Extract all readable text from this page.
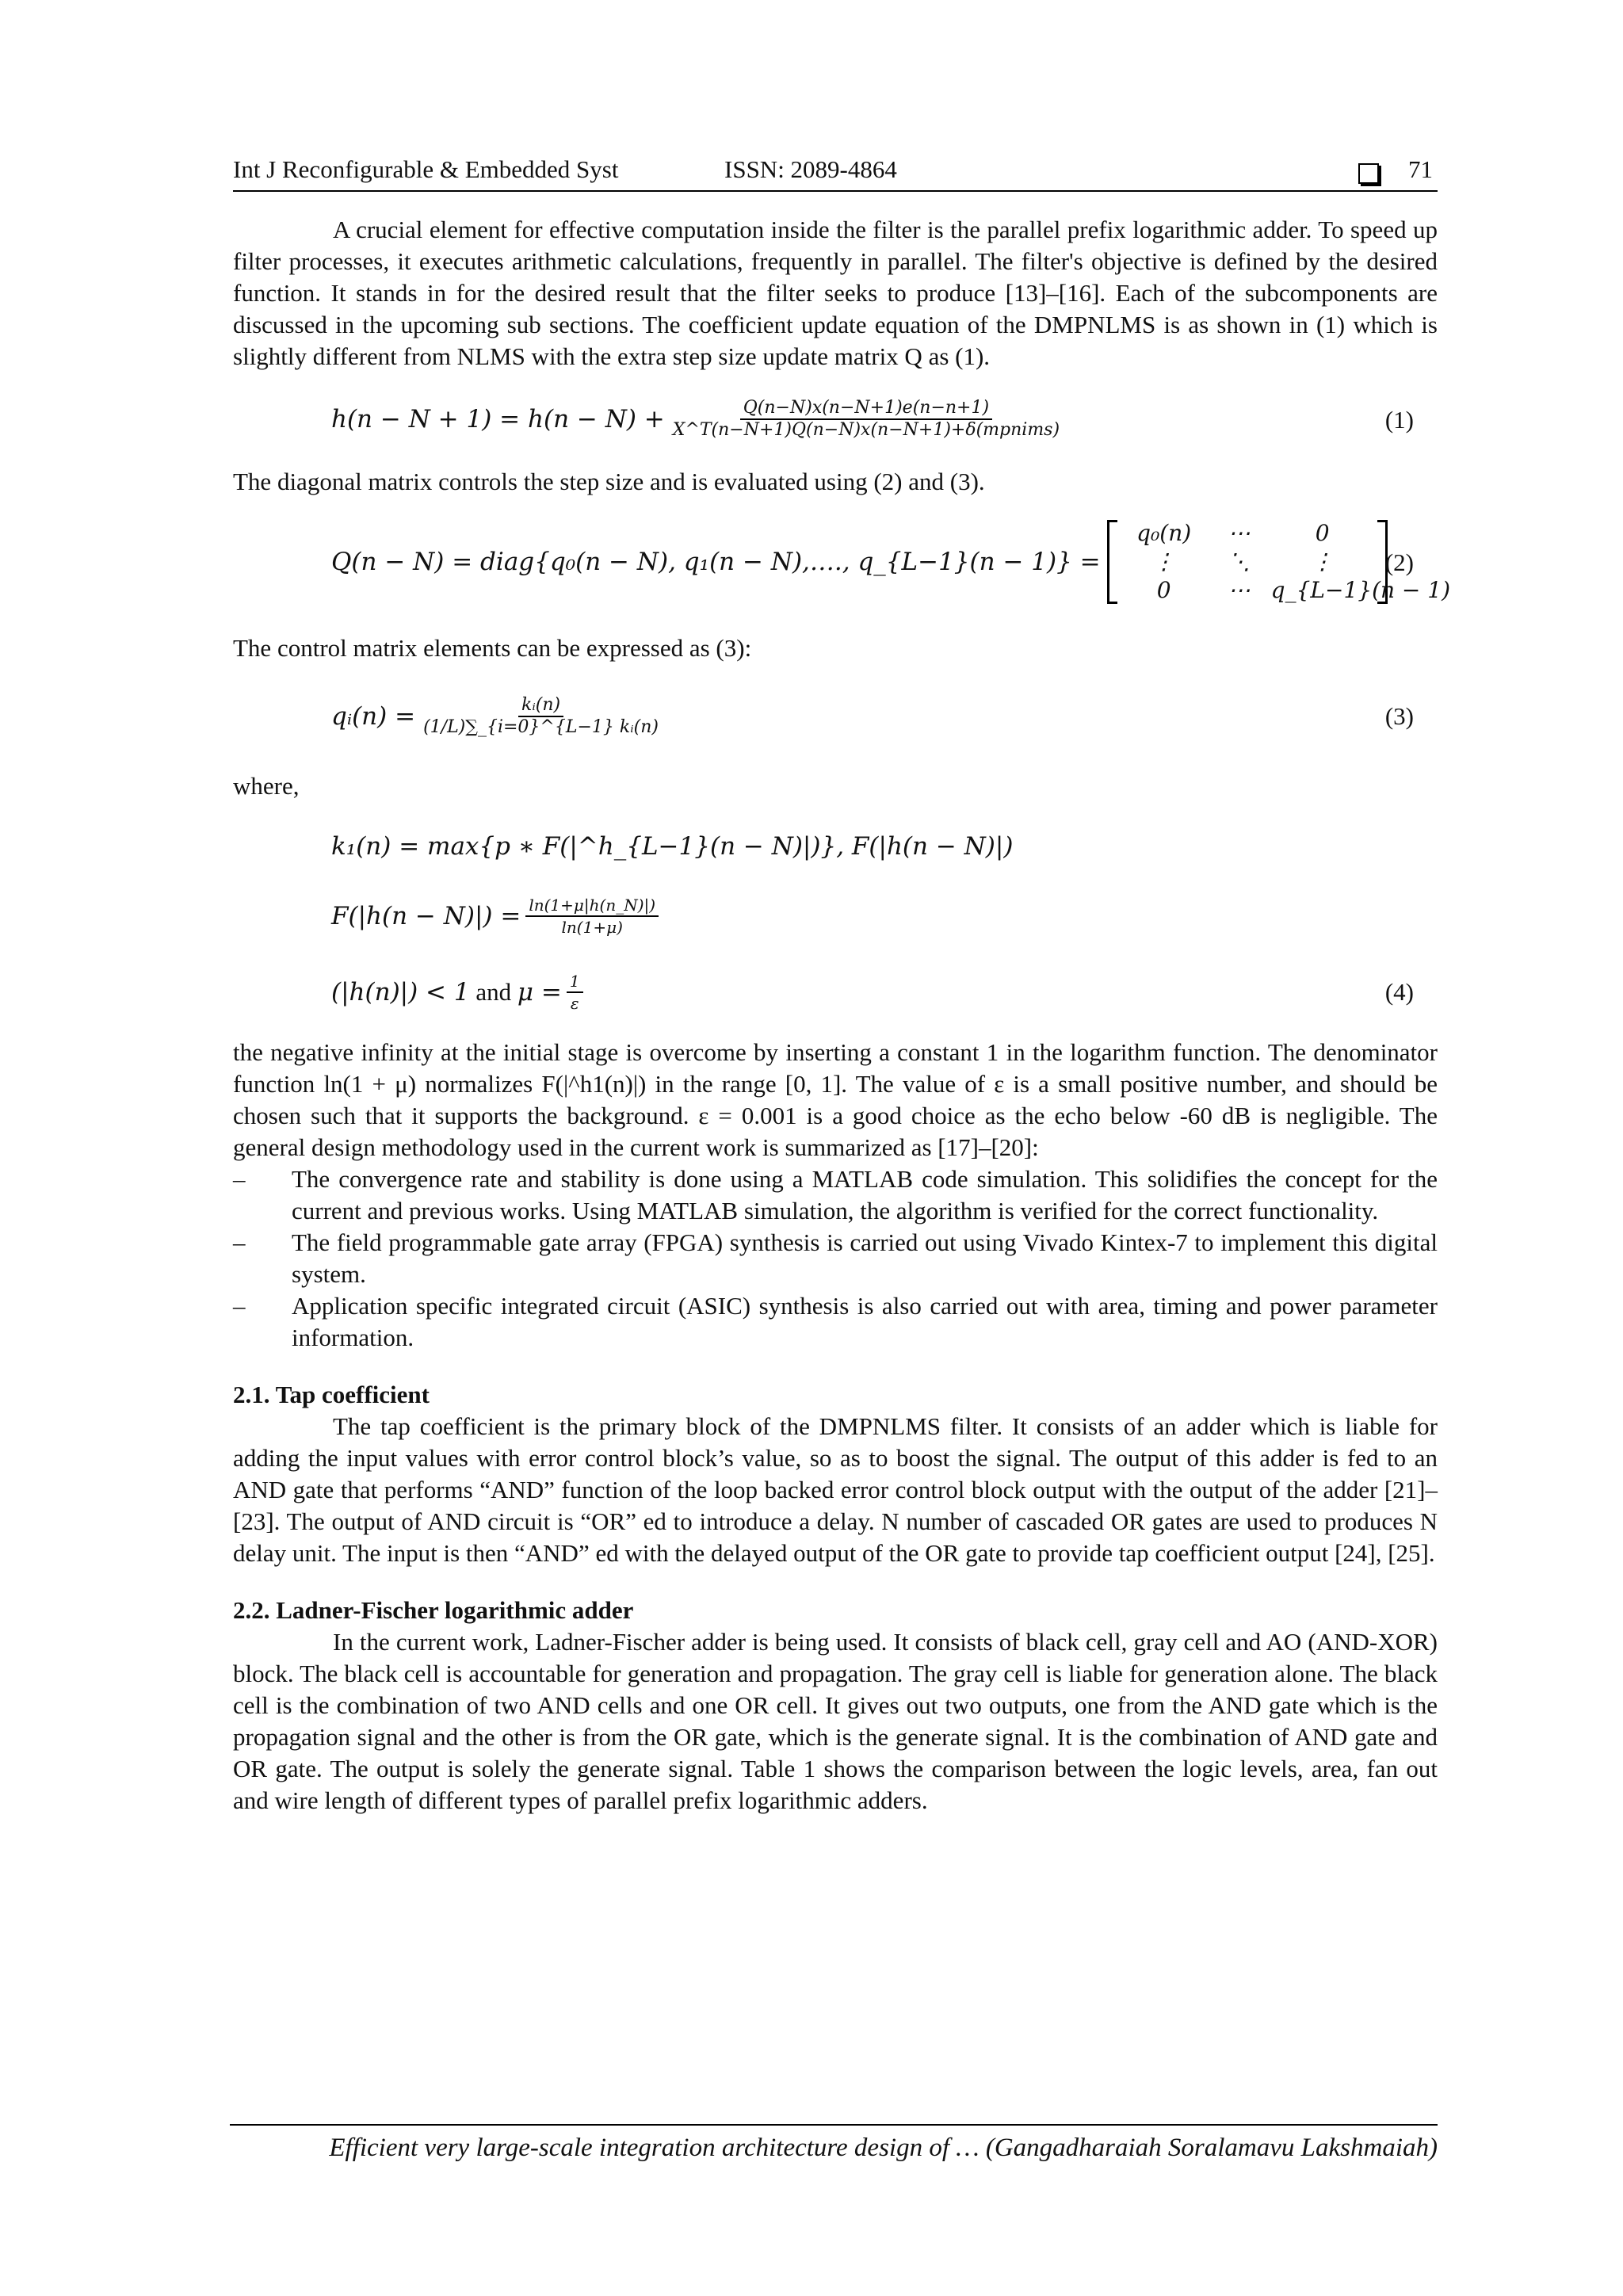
Int J Reconfigurable & Embedded Syst	ISSN: 2089-4864	71

A crucial element for effective computation inside the filter is the parallel prefix logarithmic adder. To speed up filter processes, it executes arithmetic calculations, frequently in parallel. The filter's objective is defined by the desired function. It stands in for the desired result that the filter seeks to produce [13]–[16]. Each of the subcomponents are discussed in the upcoming sub sections. The coefficient update equation of the DMPNLMS is as shown in (1) which is slightly different from NLMS with the extra step size update matrix Q as (1).

$h(n - N + 1) = h(n - N) + \frac{Q(n-N)x(n-N+1)e(n-n+1)}{\text{X\textasciicircum{}T(n−N+1)Q(n−N)x(n−N+1)+δ(mpnims)}}$	(1)

The diagonal matrix controls the step size and is evaluated using (2) and (3).

Q(n − N) = diag{q₀(n − N), q₁(n − N),…., q_{L−1}(n − 1)} =
q₀(n)	⋯	0
⋮	⋱	⋮
0	⋯ q_{L−1}(n − 1)
(2)

The control matrix elements can be expressed as (3):

qᵢ(n) = $\frac{\text{kᵢ(n)}}{\text{(1/L)∑\_\{i=0\}\textasciicircum{}\{L−1\} kᵢ(n)}}$	(3)

where,

k₁(n) = max{p ∗ F(|^h_{L−1}(n − N)|)}, F(|h(n − N)|)
$F(|h(n - N)|) = \frac{\ln(1+\mu|h(n\_N)|)}{\ln(1+\mu)}$
(|h(n)|) < 1
and
$\mu = \frac{1}{\varepsilon}$	(4)

the negative infinity at the initial stage is overcome by inserting a constant 1 in the logarithm function. The denominator function ln(1 + μ) normalizes F(|^h1(n)|) in the range [0, 1]. The value of ε is a small positive number, and should be chosen such that it supports the background. ε = 0.001 is a good choice as the echo below -60 dB is negligible. The general design methodology used in the current work is summarized as [17]–[20]:

– The convergence rate and stability is done using a MATLAB code simulation. This solidifies the concept for the current and previous works. Using MATLAB simulation, the algorithm is verified for the correct functionality.
– The field programmable gate array (FPGA) synthesis is carried out using Vivado Kintex-7 to implement this digital system.
– Application specific integrated circuit (ASIC) synthesis is also carried out with area, timing and power parameter information.
2.1. Tap coefficient

The tap coefficient is the primary block of the DMPNLMS filter. It consists of an adder which is liable for adding the input values with error control block’s value, so as to boost the signal. The output of this adder is fed to an AND gate that performs “AND” function of the loop backed error control block output with the output of the adder [21]–[23]. The output of AND circuit is “OR” ed to introduce a delay. N number of cascaded OR gates are used to produces N delay unit. The input is then “AND” ed with the delayed output of the OR gate to provide tap coefficient output [24], [25].

2.2. Ladner-Fischer logarithmic adder

In the current work, Ladner-Fischer adder is being used. It consists of black cell, gray cell and AO (AND-XOR) block. The black cell is accountable for generation and propagation. The gray cell is liable for generation alone. The black cell is the combination of two AND cells and one OR cell. It gives out two outputs, one from the AND gate which is the propagation signal and the other is from the OR gate, which is the generate signal. It is the combination of AND gate and OR gate. The output is solely the generate signal. Table 1 shows the comparison between the logic levels, area, fan out and wire length of different types of parallel prefix logarithmic adders.

Efficient very large-scale integration architecture design of … (Gangadharaiah Soralamavu Lakshmaiah)
